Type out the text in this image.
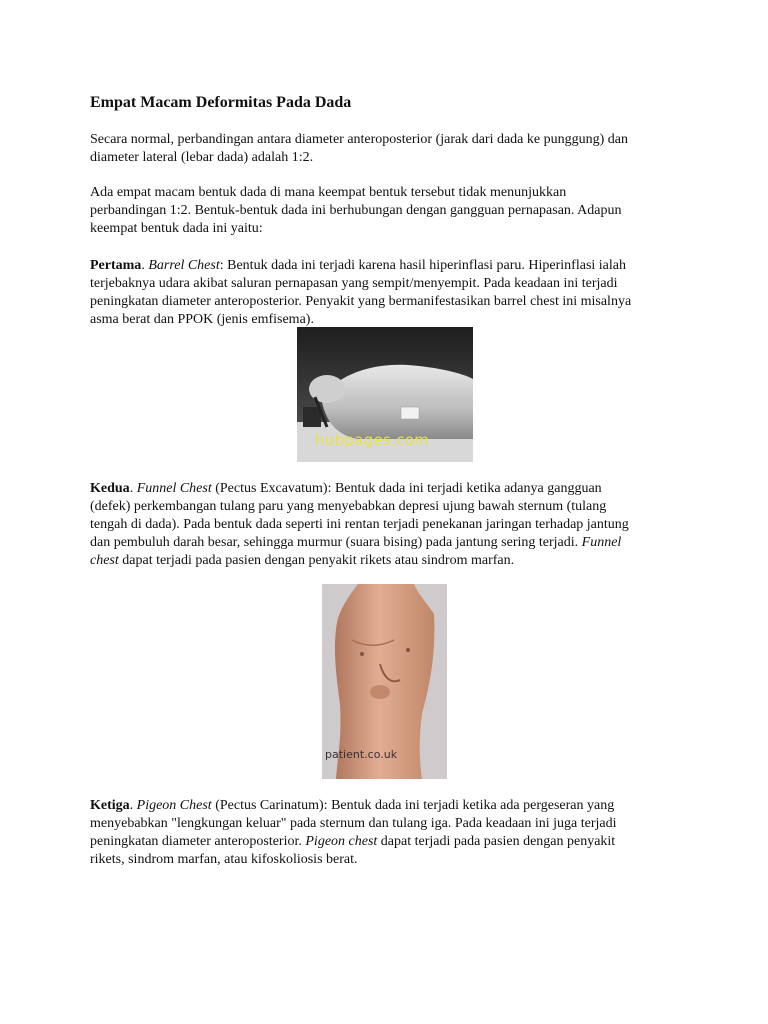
Empat Macam Deformitas Pada Dada

Secara normal, perbandingan antara diameter anteroposterior (jarak dari dada ke punggung) dan
diameter lateral (lebar dada) adalah 1:2.

Ada empat macam bentuk dada di mana keempat bentuk tersebut tidak menunjukkan
perbandingan 1:2. Bentuk-bentuk dada ini berhubungan dengan gangguan pernapasan. Adapun
keempat bentuk dada ini yaitu:

Pertama. Barrel Chest: Bentuk dada ini terjadi karena hasil hiperinflasi paru. Hiperinflasi ialah
terjebaknya udara akibat saluran pernapasan yang sempit/menyempit. Pada keadaan ini terjadi
peningkatan diameter anteroposterior. Penyakit yang bermanifestasikan barrel chest ini misalnya
asma berat dan PPOK (jenis emfisema).

hubpages.com

Kedua. Funnel Chest (Pectus Excavatum): Bentuk dada ini terjadi ketika adanya gangguan
(defek) perkembangan tulang paru yang menyebabkan depresi ujung bawah sternum (tulang
tengah di dada). Pada bentuk dada seperti ini rentan terjadi penekanan jaringan terhadap jantung
dan pembuluh darah besar, sehingga murmur (suara bising) pada jantung sering terjadi. Funnel
chest dapat terjadi pada pasien dengan penyakit rikets atau sindrom marfan.

patient.co.uk

Ketiga. Pigeon Chest (Pectus Carinatum): Bentuk dada ini terjadi ketika ada pergeseran yang
menyebabkan "lengkungan keluar" pada sternum dan tulang iga. Pada keadaan ini juga terjadi
peningkatan diameter anteroposterior. Pigeon chest dapat terjadi pada pasien dengan penyakit
rikets, sindrom marfan, atau kifoskoliosis berat.
